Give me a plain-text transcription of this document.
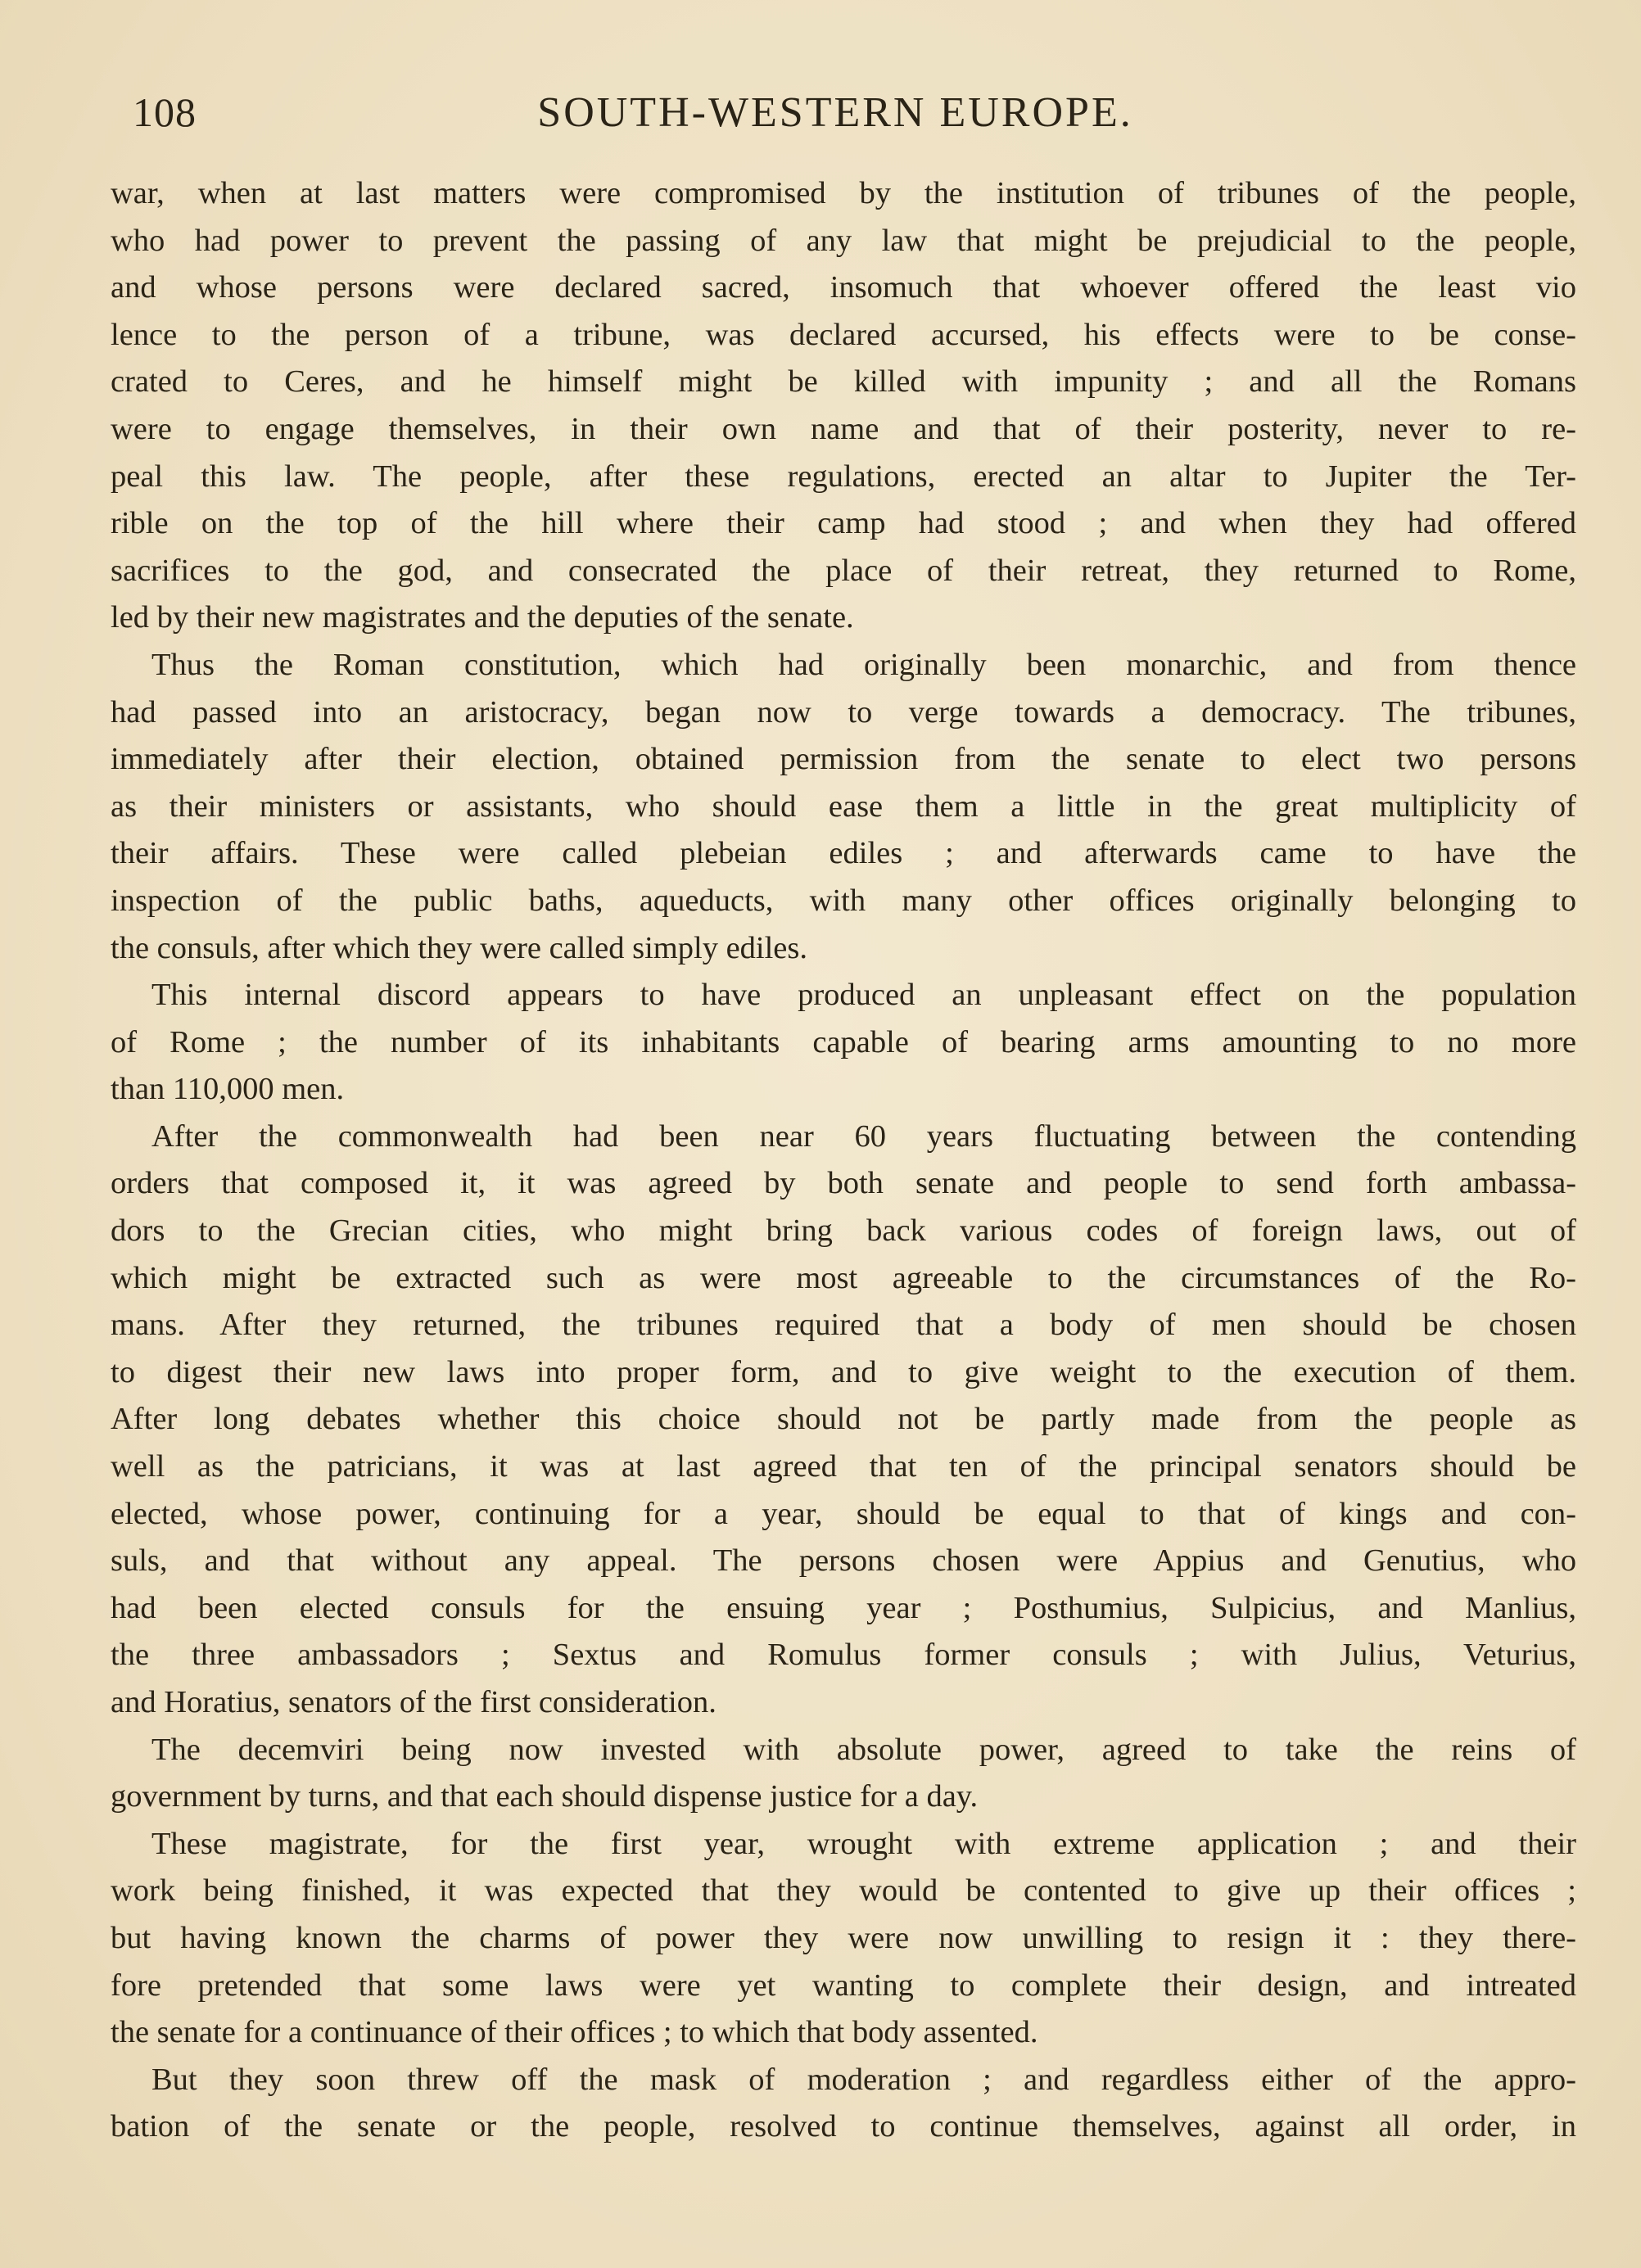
108	SOUTH-WESTERN EUROPE.

war, when at last matters were compromised by the institution of tribunes of the people,

who had power to prevent the passing of any law that might be prejudicial to the people,

and whose persons were declared sacred, insomuch that whoever offered the least vio

lence to the person of a tribune, was declared accursed, his effects were to be conse-

crated to Ceres, and he himself might be killed with impunity ; and all the Romans

were to engage themselves, in their own name and that of their posterity, never to re-

peal this law. The people, after these regulations, erected an altar to Jupiter the Ter-

rible on the top of the hill where their camp had stood ; and when they had offered

sacrifices to the god, and consecrated the place of their retreat, they returned to Rome,

led by their new magistrates and the deputies of the senate.

Thus the Roman constitution, which had originally been monarchic, and from thence

had passed into an aristocracy, began now to verge towards a democracy. The tribunes,

immediately after their election, obtained permission from the senate to elect two persons

as their ministers or assistants, who should ease them a little in the great multiplicity of

their affairs. These were called plebeian ediles ; and afterwards came to have the

inspection of the public baths, aqueducts, with many other offices originally belonging to

the consuls, after which they were called simply ediles.

This internal discord appears to have produced an unpleasant effect on the population

of Rome ; the number of its inhabitants capable of bearing arms amounting to no more

than 110,000 men.

After the commonwealth had been near 60 years fluctuating between the contending

orders that composed it, it was agreed by both senate and people to send forth ambassa-

dors to the Grecian cities, who might bring back various codes of foreign laws, out of

which might be extracted such as were most agreeable to the circumstances of the Ro-

mans. After they returned, the tribunes required that a body of men should be chosen

to digest their new laws into proper form, and to give weight to the execution of them.

After long debates whether this choice should not be partly made from the people as

well as the patricians, it was at last agreed that ten of the principal senators should be

elected, whose power, continuing for a year, should be equal to that of kings and con-

suls, and that without any appeal. The persons chosen were Appius and Genutius, who

had been elected consuls for the ensuing year ; Posthumius, Sulpicius, and Manlius,

the three ambassadors ; Sextus and Romulus former consuls ; with Julius, Veturius,

and Horatius, senators of the first consideration.

The decemviri being now invested with absolute power, agreed to take the reins of

government by turns, and that each should dispense justice for a day.

These magistrate, for the first year, wrought with extreme application ; and their

work being finished, it was expected that they would be contented to give up their offices ;

but having known the charms of power they were now unwilling to resign it : they there-

fore pretended that some laws were yet wanting to complete their design, and intreated

the senate for a continuance of their offices ; to which that body assented.

But they soon threw off the mask of moderation ; and regardless either of the appro-

bation of the senate or the people, resolved to continue themselves, against all order, in
